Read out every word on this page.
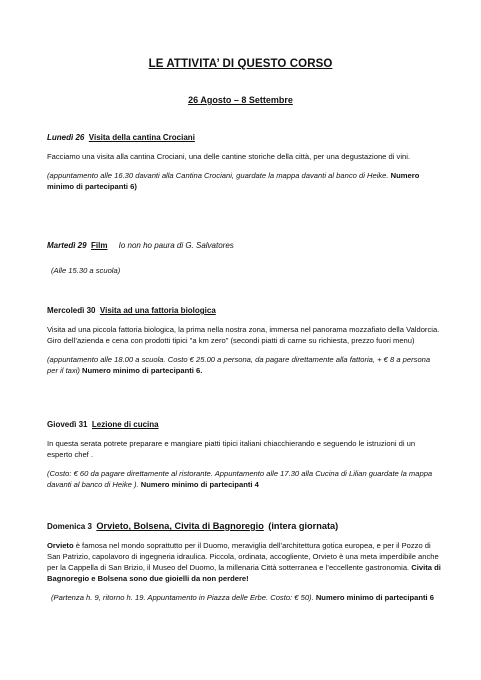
LE ATTIVITA’ DI QUESTO CORSO
26 Agosto – 8 Settembre
Lunedì 26 Visita della cantina Crociani
Facciamo una visita alla cantina Crociani, una delle cantine storiche della città, per una degustazione di vini.
(appuntamento alle 16.30 davanti alla Cantina Crociani, guardate la mappa davanti al banco di Heike. Numero minimo di partecipanti 6)
Martedì 29 Film Io non ho paura di G. Salvatores
(Alle 15.30 a scuola)
Mercoledì 30 Visita ad una fattoria biologica
Visita ad una piccola fattoria biologica, la prima nella nostra zona, immersa nel panorama mozzafiato della Valdorcia. Giro dell’azienda e cena con prodotti tipici "a km zero" (secondi piatti di carne su richiesta, prezzo fuori menu)
(appuntamento alle 18.00 a scuola. Costo € 25.00 a persona, da pagare direttamente alla fattoria, + € 8 a persona per il taxi) Numero minimo di partecipanti 6.
Giovedì 31 Lezione di cucina
In questa serata potrete preparare e mangiare piatti tipici italiani chiacchierando e seguendo le istruzioni di un esperto chef .
(Costo: € 60 da pagare direttamente al ristorante. Appuntamento alle 17.30 alla Cucina di Lilian guardate la mappa davanti al banco di Heike ). Numero minimo di partecipanti 4
Domenica 3 Orvieto, Bolsena, Civita di Bagnoregio (intera giornata)
Orvieto è famosa nel mondo soprattutto per il Duomo, meraviglia dell’architettura gotica europea, e per il Pozzo di San Patrizio, capolavoro di ingegneria idraulica. Piccola, ordinata, accogliente, Orvieto è una meta imperdibile anche per la Cappella di San Brizio, il Museo del Duomo, la millenaria Città sotterranea e l’eccellente gastronomia. Civita di Bagnoregio e Bolsena sono due gioielli da non perdere!
(Partenza h. 9, ritorno h. 19. Appuntamento in Piazza delle Erbe. Costo: € 50). Numero minimo di partecipanti 6
